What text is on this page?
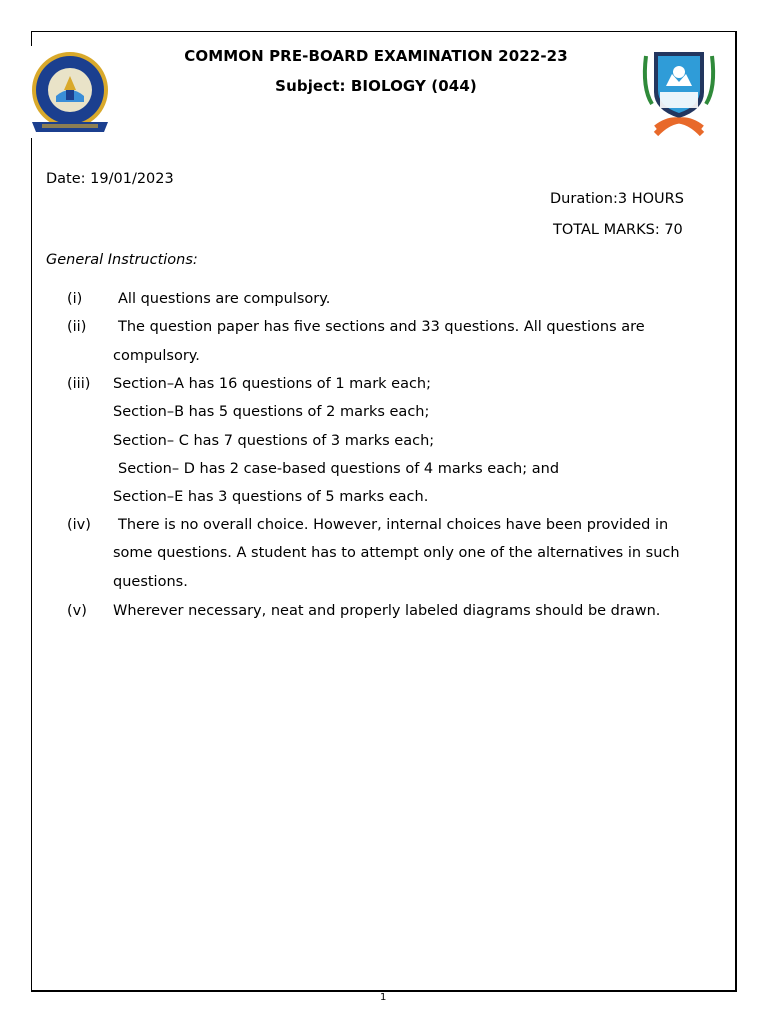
COMMON PRE-BOARD EXAMINATION 2022-23
Subject: BIOLOGY (044)
Date: 19/01/2023
Duration:3 HOURS
TOTAL MARKS: 70
General Instructions:
(i) All questions are compulsory.
(ii) The question paper has five sections and 33 questions. All questions are
compulsory.
(iii) Section–A has 16 questions of 1 mark each;
Section–B has 5 questions of 2 marks each;
Section– C has 7 questions of 3 marks each;
Section– D has 2 case-based questions of 4 marks each; and
Section–E has 3 questions of 5 marks each.
(iv) There is no overall choice. However, internal choices have been provided in
some questions. A student has to attempt only one of the alternatives in such
questions.
(v) Wherever necessary, neat and properly labeled diagrams should be drawn.
1
